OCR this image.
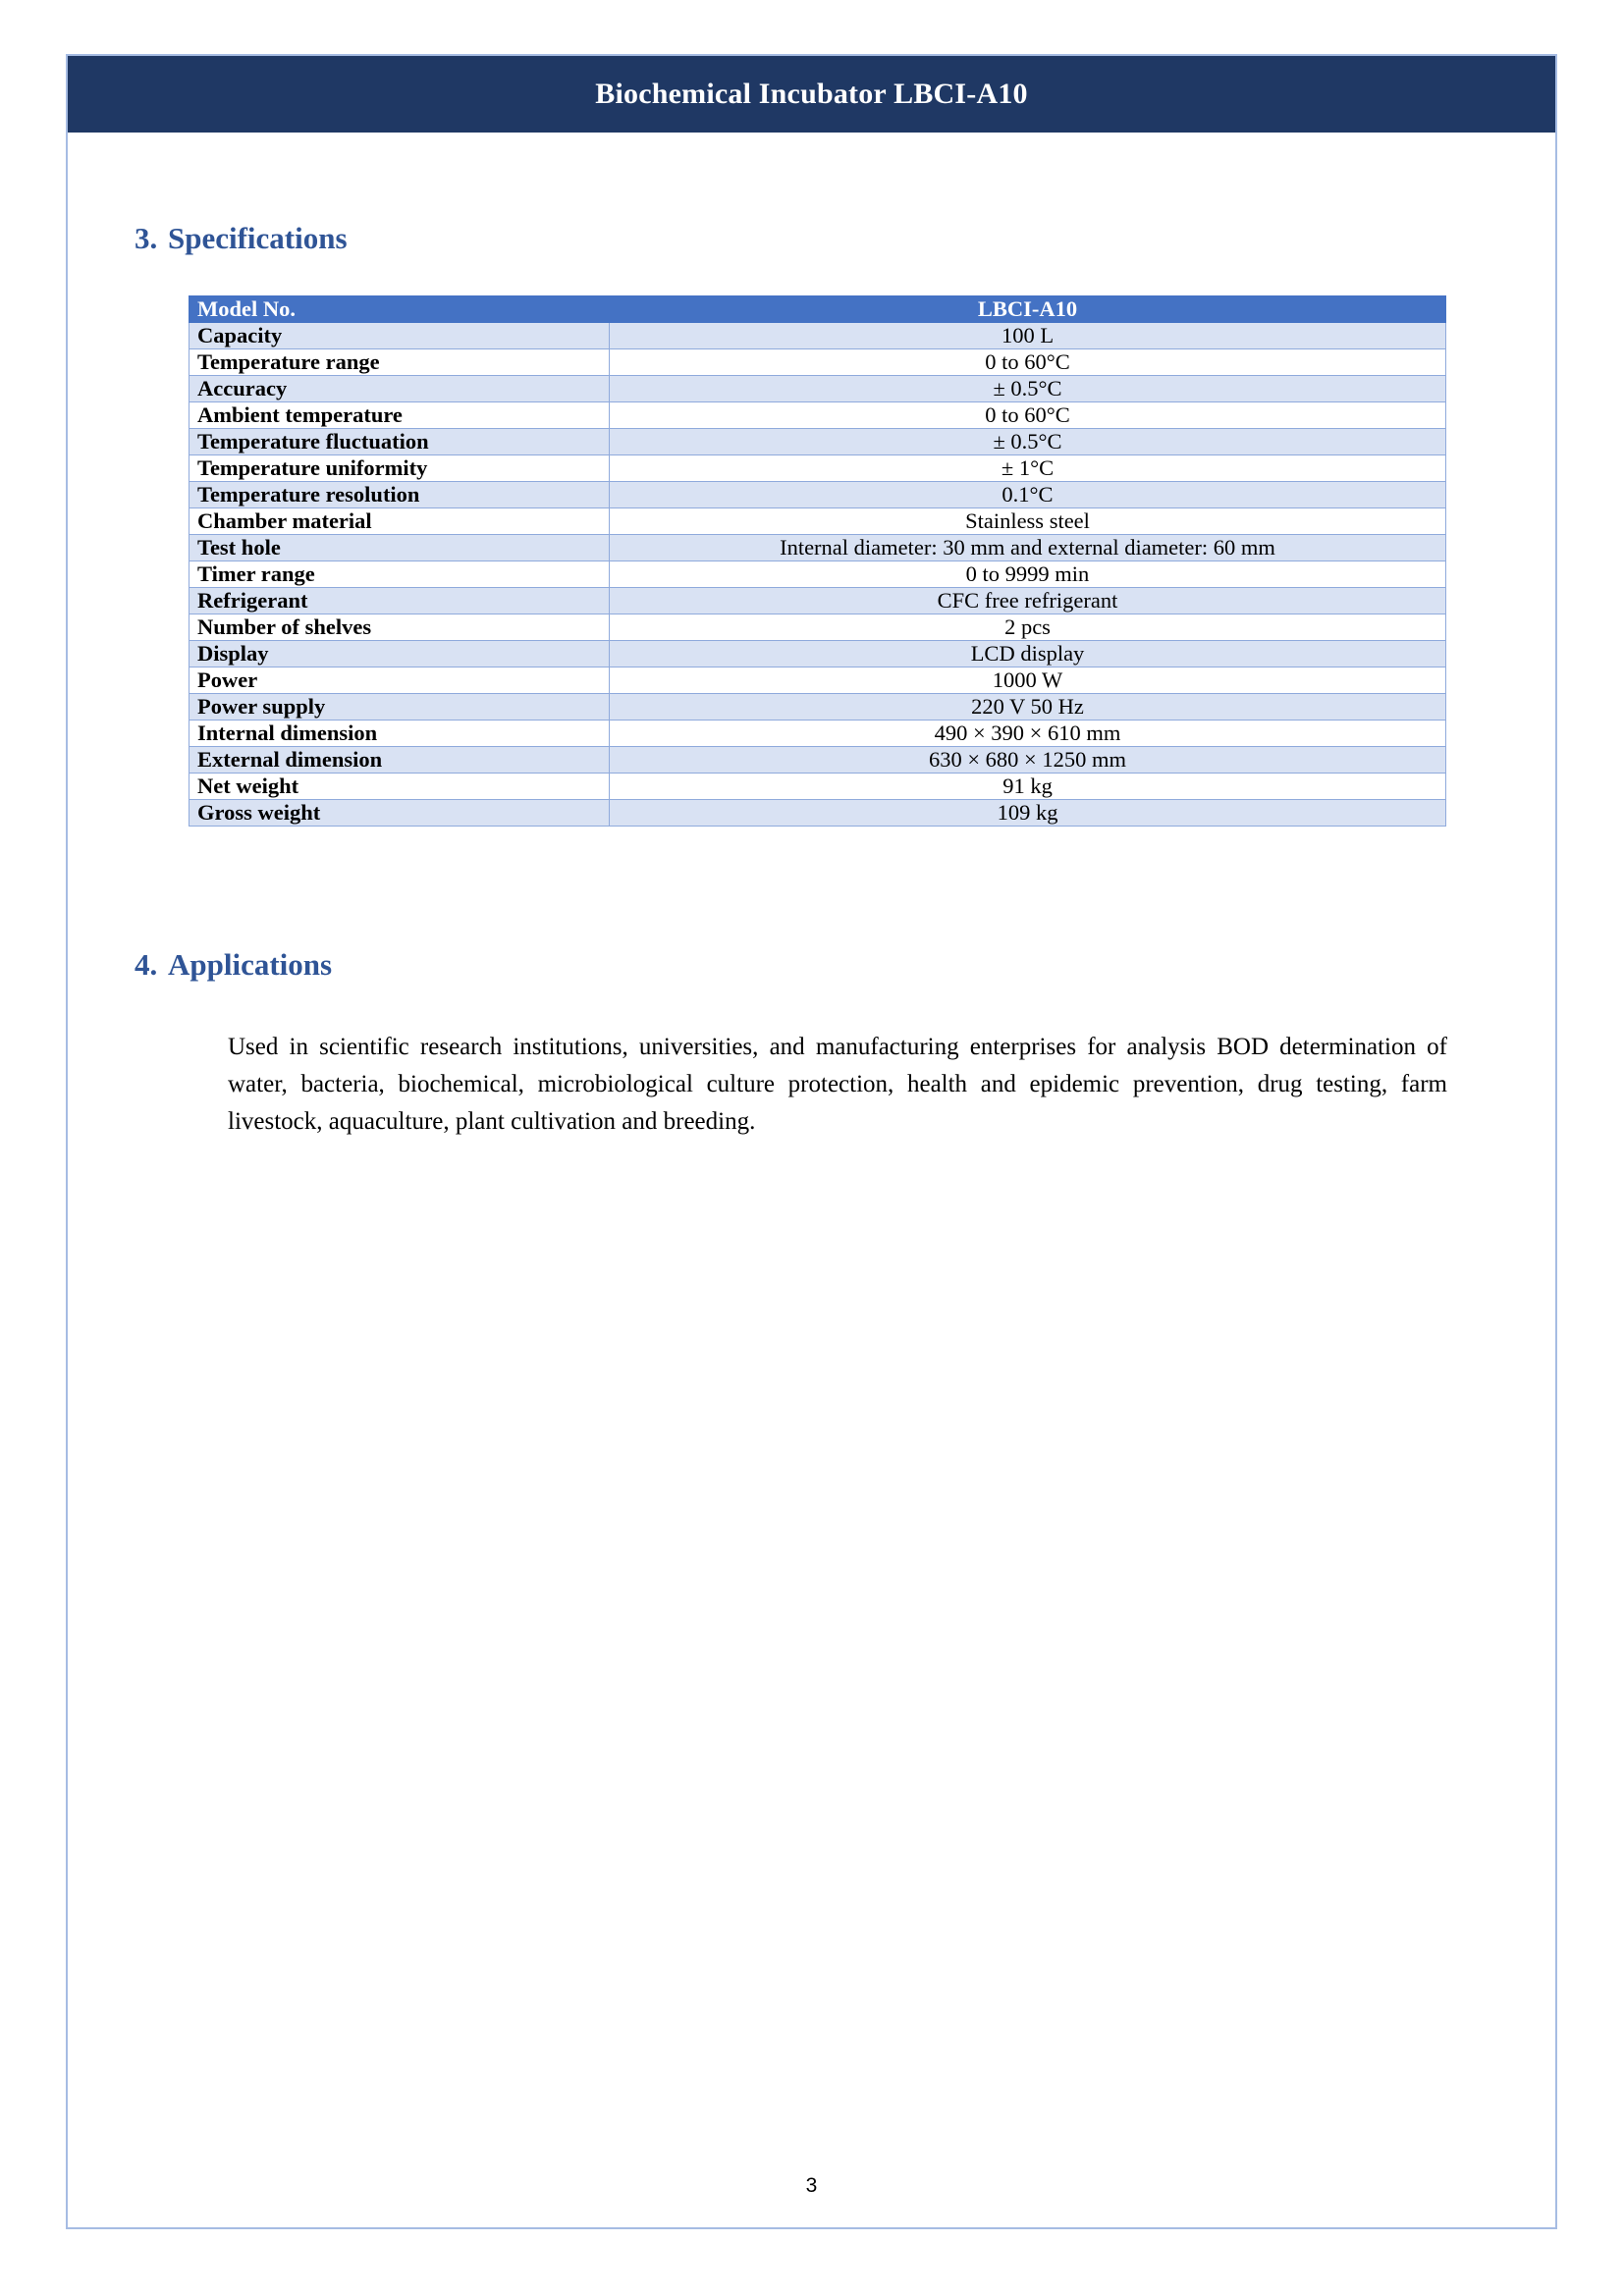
Biochemical Incubator LBCI-A10
3. Specifications
Model No.	LBCI-A10
Capacity	100 L
Temperature range	0 to 60°C
Accuracy	± 0.5°C
Ambient temperature	0 to 60°C
Temperature fluctuation	± 0.5°C
Temperature uniformity	± 1°C
Temperature resolution	0.1°C
Chamber material	Stainless steel
Test hole	Internal diameter: 30 mm and external diameter: 60 mm
Timer range	0 to 9999 min
Refrigerant	CFC free refrigerant
Number of shelves	2 pcs
Display	LCD display
Power	1000 W
Power supply	220 V 50 Hz
Internal dimension	490 × 390 × 610 mm
External dimension	630 × 680 × 1250 mm
Net weight	91 kg
Gross weight	109 kg
4. Applications

Used in scientific research institutions, universities, and manufacturing enterprises for analysis BOD determination of water, bacteria, biochemical, microbiological culture protection, health and epidemic prevention, drug testing, farm livestock, aquaculture, plant cultivation and breeding.

3
